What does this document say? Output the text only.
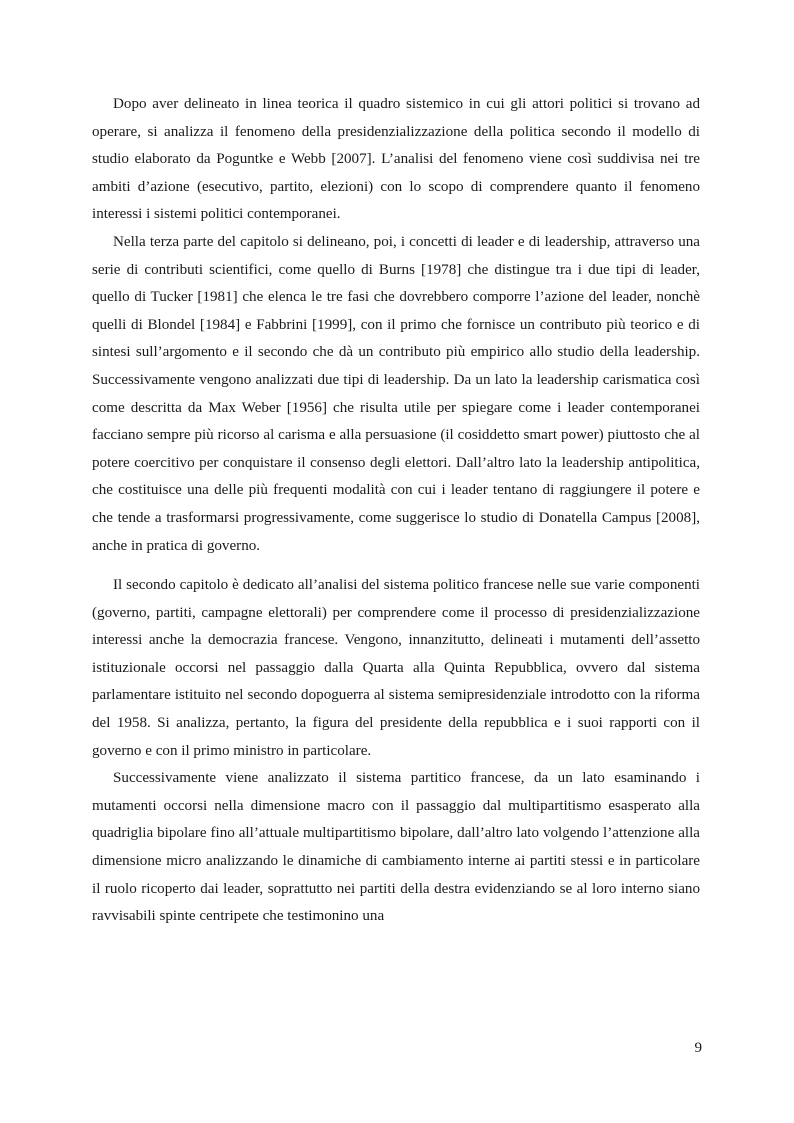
Dopo aver delineato in linea teorica il quadro sistemico in cui gli attori politici si trovano ad operare, si analizza il fenomeno della presidenzializzazione della politica secondo il modello di studio elaborato da Poguntke e Webb [2007]. L’analisi del fenomeno viene così suddivisa nei tre ambiti d’azione (esecutivo, partito, elezioni) con lo scopo di comprendere quanto il fenomeno interessi i sistemi politici contemporanei.

Nella terza parte del capitolo si delineano, poi, i concetti di leader e di leadership, attraverso una serie di contributi scientifici, come quello di Burns [1978] che distingue tra i due tipi di leader, quello di Tucker [1981] che elenca le tre fasi che dovrebbero comporre l’azione del leader, nonchè quelli di Blondel [1984] e Fabbrini [1999], con il primo che fornisce un contributo più teorico e di sintesi sull’argomento e il secondo che dà un contributo più empirico allo studio della leadership. Successivamente vengono analizzati due tipi di leadership. Da un lato la leadership carismatica così come descritta da Max Weber [1956] che risulta utile per spiegare come i leader contemporanei facciano sempre più ricorso al carisma e alla persuasione (il cosiddetto smart power) piuttosto che al potere coercitivo per conquistare il consenso degli elettori. Dall’altro lato la leadership antipolitica, che costituisce una delle più frequenti modalità con cui i leader tentano di raggiungere il potere e che tende a trasformarsi progressivamente, come suggerisce lo studio di Donatella Campus [2008], anche in pratica di governo.

Il secondo capitolo è dedicato all’analisi del sistema politico francese nelle sue varie componenti (governo, partiti, campagne elettorali) per comprendere come il processo di presidenzializzazione interessi anche la democrazia francese. Vengono, innanzitutto, delineati i mutamenti dell’assetto istituzionale occorsi nel passaggio dalla Quarta alla Quinta Repubblica, ovvero dal sistema parlamentare istituito nel secondo dopoguerra al sistema semipresidenziale introdotto con la riforma del 1958. Si analizza, pertanto, la figura del presidente della repubblica e i suoi rapporti con il governo e con il primo ministro in particolare.

Successivamente viene analizzato il sistema partitico francese, da un lato esaminando i mutamenti occorsi nella dimensione macro con il passaggio dal multipartitismo esasperato alla quadriglia bipolare fino all’attuale multipartitismo bipolare, dall’altro lato volgendo l’attenzione alla dimensione micro analizzando le dinamiche di cambiamento interne ai partiti stessi e in particolare il ruolo ricoperto dai leader, soprattutto nei partiti della destra evidenziando se al loro interno siano ravvisabili spinte centripete che testimonino una

9
